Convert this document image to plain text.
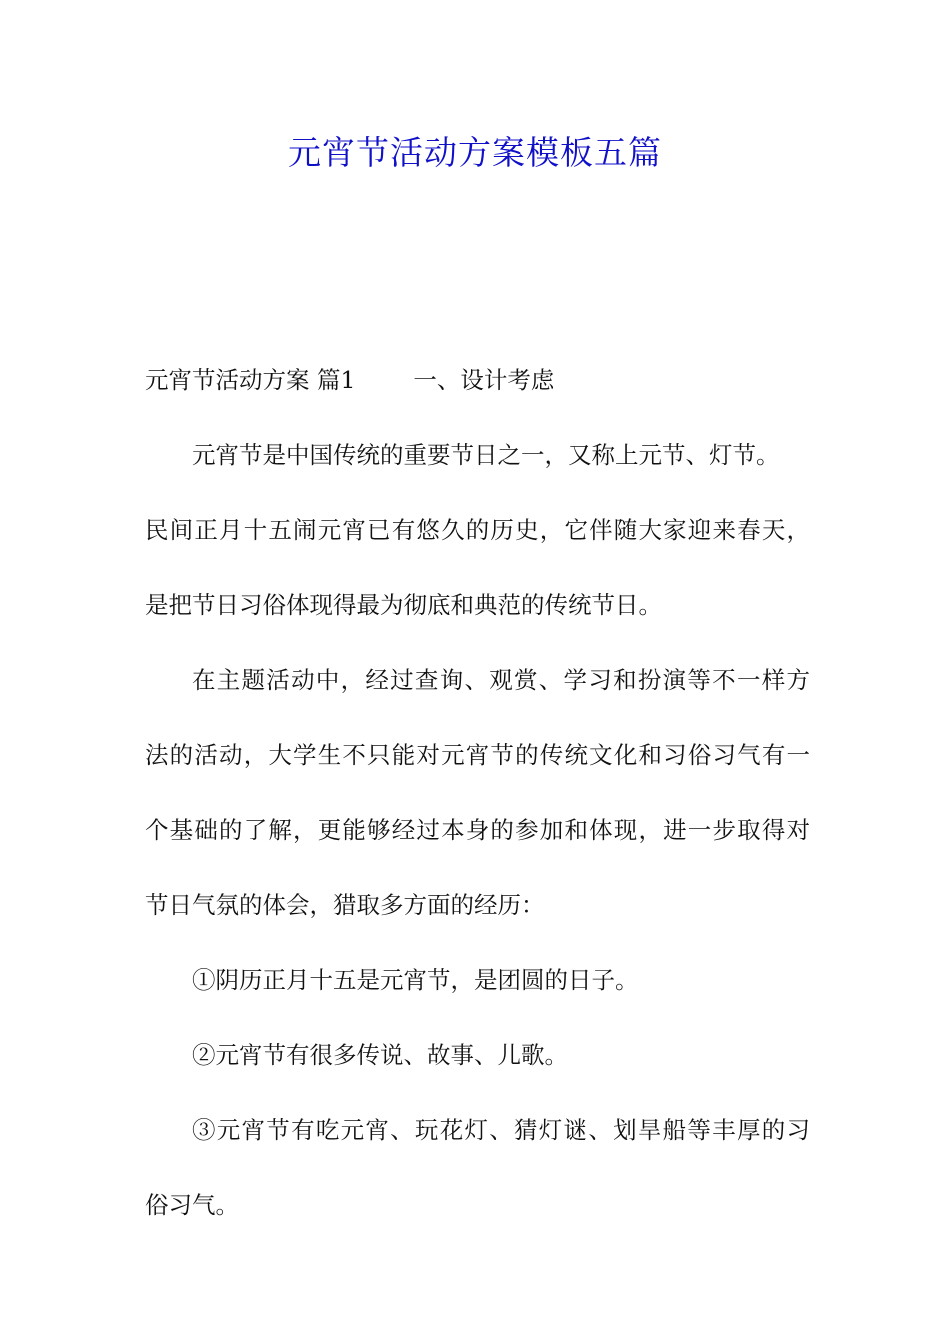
元宵节活动方案模板五篇
元宵节活动方案 篇1 一、设计考虑
元宵节是中国传统的重要节日之一，又称上元节、灯节。
民间正月十五闹元宵已有悠久的历史，它伴随大家迎来春天，
是把节日习俗体现得最为彻底和典范的传统节日。
在主题活动中，经过查询、观赏、学习和扮演等不一样方
法的活动，大学生不只能对元宵节的传统文化和习俗习气有一
个基础的了解，更能够经过本身的参加和体现，进一步取得对
节日气氛的体会，猎取多方面的经历：
①阴历正月十五是元宵节，是团圆的日子。
②元宵节有很多传说、故事、儿歌。
③元宵节有吃元宵、玩花灯、猜灯谜、划旱船等丰厚的习
俗习气。
